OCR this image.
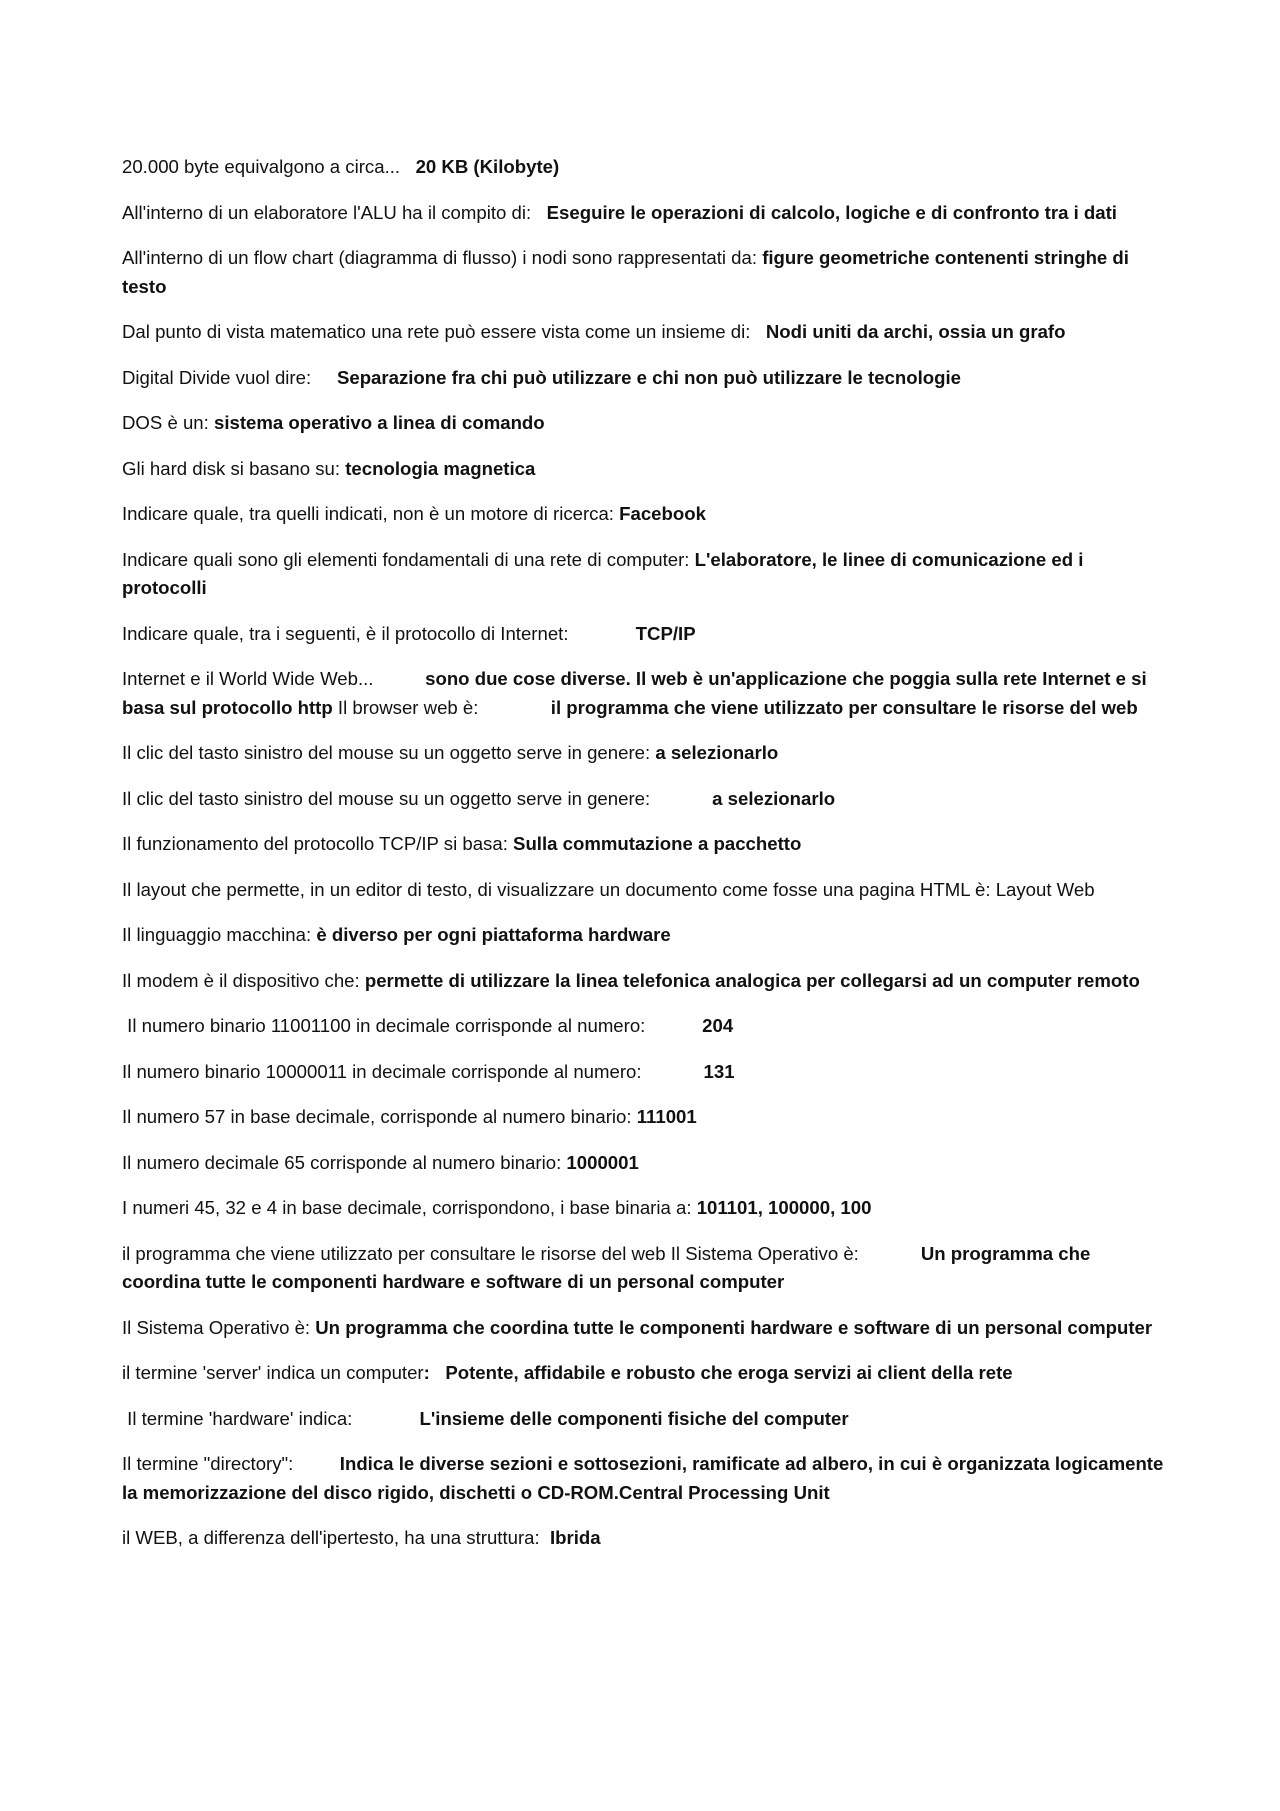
20.000 byte equivalgono a circa...   20 KB (Kilobyte)

All'interno di un elaboratore l'ALU ha il compito di:   Eseguire le operazioni di calcolo, logiche e di confronto tra i dati

All'interno di un flow chart (diagramma di flusso) i nodi sono rappresentati da: figure geometriche contenenti stringhe di testo

Dal punto di vista matematico una rete può essere vista come un insieme di:   Nodi uniti da archi, ossia un grafo

Digital Divide vuol dire:     Separazione fra chi può utilizzare e chi non può utilizzare le tecnologie

DOS è un: sistema operativo a linea di comando

Gli hard disk si basano su: tecnologia magnetica

Indicare quale, tra quelli indicati, non è un motore di ricerca: Facebook

Indicare quali sono gli elementi fondamentali di una rete di computer: L'elaboratore, le linee di comunicazione ed i protocolli

Indicare quale, tra i seguenti, è il protocollo di Internet:             TCP/IP

Internet e il World Wide Web...          sono due cose diverse. Il web è un'applicazione che poggia sulla rete Internet e si basa sul protocollo http Il browser web è:              il programma che viene utilizzato per consultare le risorse del web

Il clic del tasto sinistro del mouse su un oggetto serve in genere: a selezionarlo

Il clic del tasto sinistro del mouse su un oggetto serve in genere:            a selezionarlo

Il funzionamento del protocollo TCP/IP si basa: Sulla commutazione a pacchetto

Il layout che permette, in un editor di testo, di visualizzare un documento come fosse una pagina HTML è: Layout Web

Il linguaggio macchina: è diverso per ogni piattaforma hardware

Il modem è il dispositivo che: permette di utilizzare la linea telefonica analogica per collegarsi ad un computer remoto

Il numero binario 11001100 in decimale corrisponde al numero:           204

Il numero binario 10000011 in decimale corrisponde al numero:            131

Il numero 57 in base decimale, corrisponde al numero binario: 111001

Il numero decimale 65 corrisponde al numero binario: 1000001

I numeri 45, 32 e 4 in base decimale, corrispondono, i base binaria a: 101101, 100000, 100

il programma che viene utilizzato per consultare le risorse del web Il Sistema Operativo è:            Un programma che coordina tutte le componenti hardware e software di un personal computer

Il Sistema Operativo è: Un programma che coordina tutte le componenti hardware e software di un personal computer

il termine 'server' indica un computer:   Potente, affidabile e robusto che eroga servizi ai client della rete

Il termine 'hardware' indica:             L'insieme delle componenti fisiche del computer

Il termine "directory":         Indica le diverse sezioni e sottosezioni, ramificate ad albero, in cui è organizzata logicamente la memorizzazione del disco rigido, dischetti o CD-ROM.Central Processing Unit

il WEB, a differenza dell'ipertesto, ha una struttura:  Ibrida
